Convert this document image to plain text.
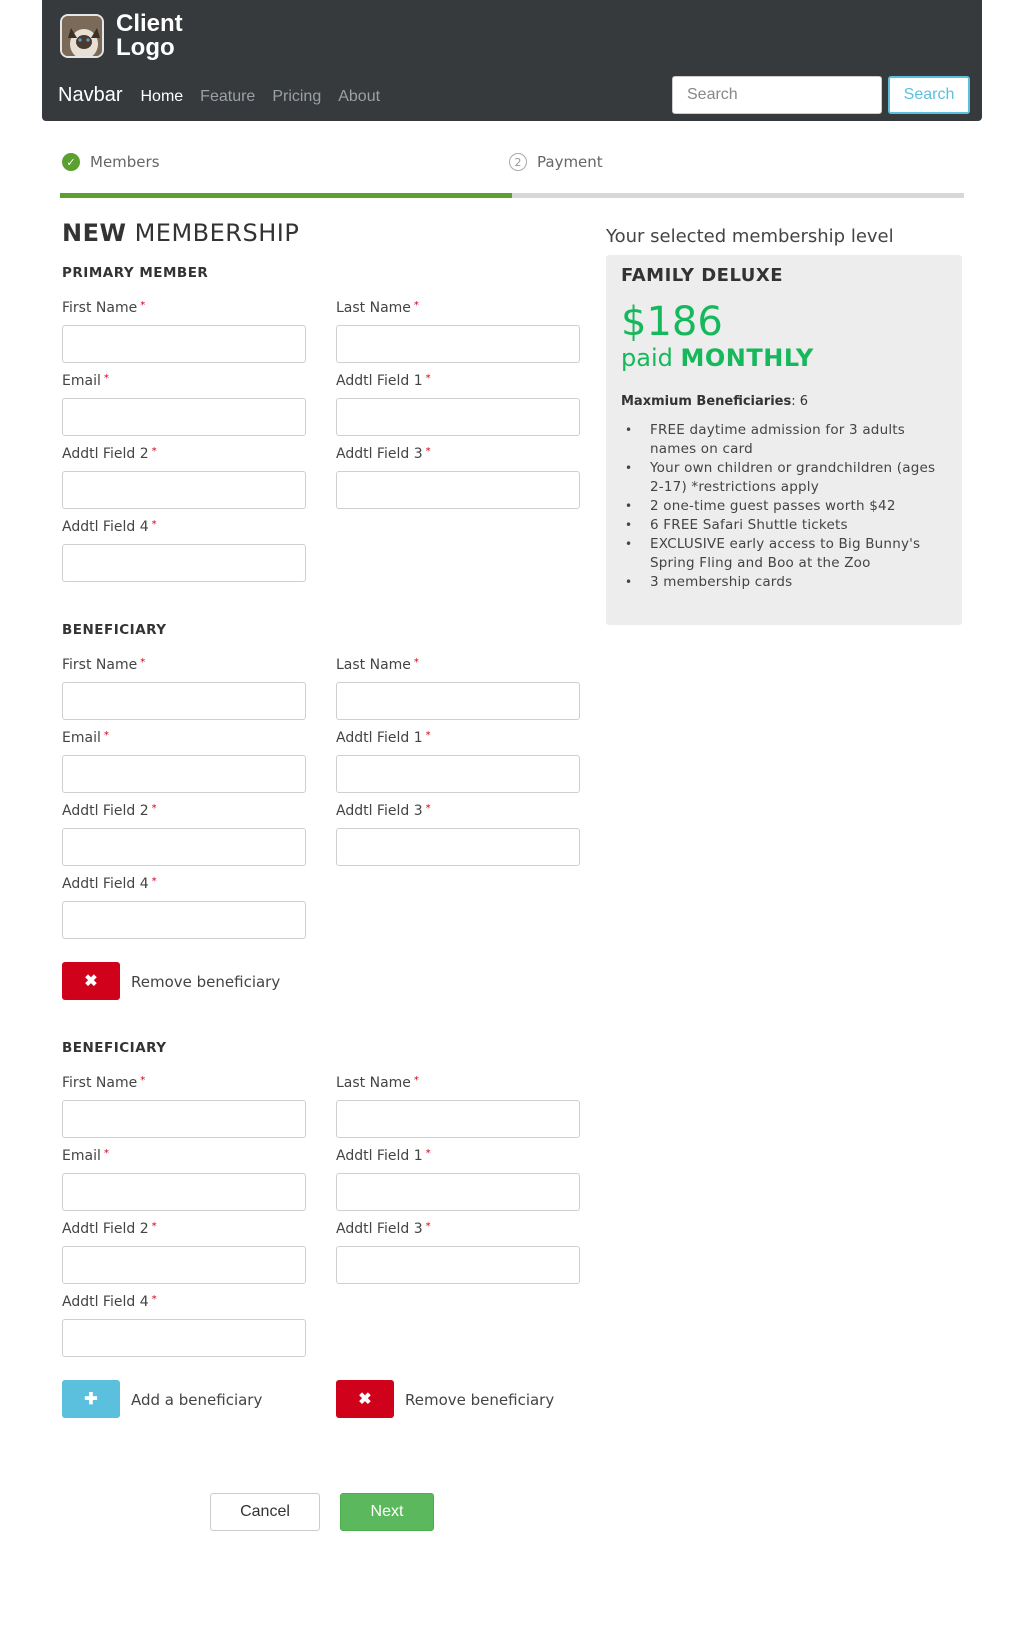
Client Logo
Navbar Home Feature Pricing About
Search	Search
✓ Members	2	Payment
NEW MEMBERSHIP
PRIMARY MEMBER
First Name *	Last Name *
Email *	Addtl Field 1 *
Addtl Field 2 *	Addtl Field 3 *
Addtl Field 4 *
BENEFICIARY
First Name *	Last Name *
Email *	Addtl Field 1 *
Addtl Field 2 *	Addtl Field 3 *
Addtl Field 4 *
✖ Remove beneficiary
BENEFICIARY
First Name *	Last Name *
Email *	Addtl Field 1 *
Addtl Field 2 *	Addtl Field 3 *
Addtl Field 4 *
✚ Add a beneficiary	✖ Remove beneficiary
Cancel	Next
Your selected membership level
FAMILY DELUXE
$186
paid MONTHLY
Maxmium Beneficiaries: 6
• FREE daytime admission for 3 adults names on card
• Your own children or grandchildren (ages 2-17) *restrictions apply
• 2 one-time guest passes worth $42
• 6 FREE Safari Shuttle tickets
• EXCLUSIVE early access to Big Bunny's Spring Fling and Boo at the Zoo
• 3 membership cards
